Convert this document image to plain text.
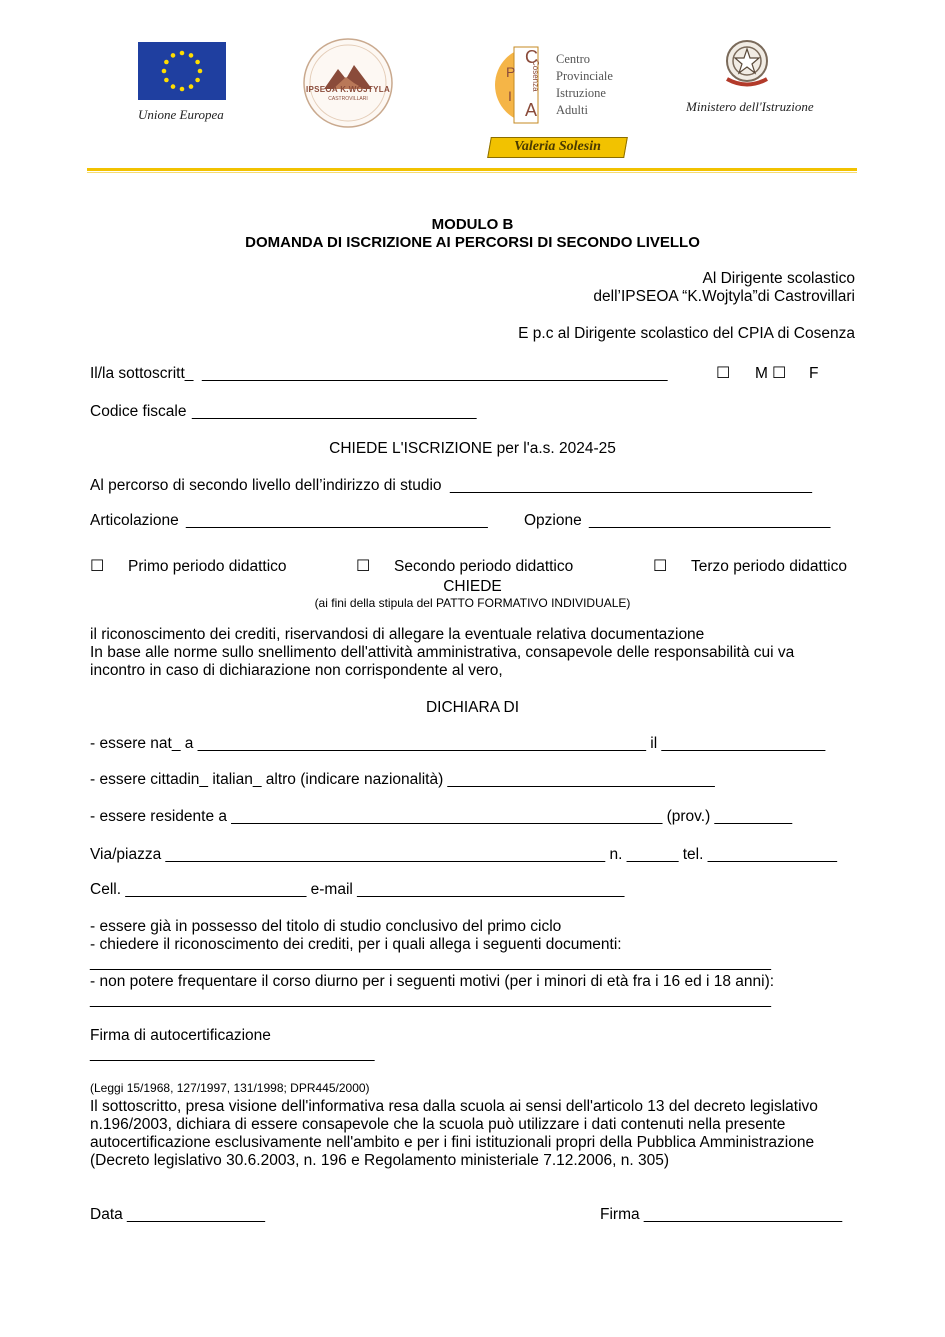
Unione Europea
IPSEOA K.WOJTYLA
CASTROVILLARI
C
P
I
A
Cosenza
Centro
Provinciale
Istruzione
Adulti
Valeria Solesin
Ministero dell'Istruzione
MODULO B
DOMANDA DI ISCRIZIONE AI PERCORSI DI SECONDO LIVELLO
Al Dirigente scolastico
dell’IPSEOA “K.Wojtyla”di Castrovillari
E p.c al Dirigente scolastico del CPIA di Cosenza
Il/la sottoscritt_ ______________________________________________________	☐ M ☐ F
Codice fiscale _________________________________
CHIEDE L'ISCRIZIONE per l'a.s. 2024-25
Al percorso di secondo livello dell’indirizzo di studio __________________________________________
Articolazione ___________________________________ Opzione ____________________________
☐ Primo periodo didattico	☐ Secondo periodo didattico	☐ Terzo periodo didattico
CHIEDE
(ai fini della stipula del PATTO FORMATIVO INDIVIDUALE)
il riconoscimento dei crediti, riservandosi di allegare la eventuale relativa documentazione
In base alle norme sullo snellimento dell'attività amministrativa, consapevole delle responsabilità cui va
incontro in caso di dichiarazione non corrispondente al vero,
DICHIARA DI
- essere nat_ a ____________________________________________________ il ___________________
- essere cittadin_ italian_ altro (indicare nazionalità) _______________________________
- essere residente a __________________________________________________ (prov.) _________
Via/piazza ___________________________________________________ n. ______ tel. _______________
Cell. _____________________ e-mail _______________________________
- essere già in possesso del titolo di studio conclusivo del primo ciclo
- chiedere il riconoscimento dei crediti, per i quali allega i seguenti documenti:
_______________________________________________________________________________
- non potere frequentare il corso diurno per i seguenti motivi (per i minori di età fra i 16 ed i 18 anni):
_______________________________________________________________________________
Firma di autocertificazione
_________________________________
(Leggi 15/1968, 127/1997, 131/1998; DPR445/2000)
Il sottoscritto, presa visione dell'informativa resa dalla scuola ai sensi dell'articolo 13 del decreto legislativo
n.196/2003, dichiara di essere consapevole che la scuola può utilizzare i dati contenuti nella presente
autocertificazione esclusivamente nell'ambito e per i fini istituzionali propri della Pubblica Amministrazione
(Decreto legislativo 30.6.2003, n. 196 e Regolamento ministeriale 7.12.2006, n. 305)
Data ________________	Firma _______________________
